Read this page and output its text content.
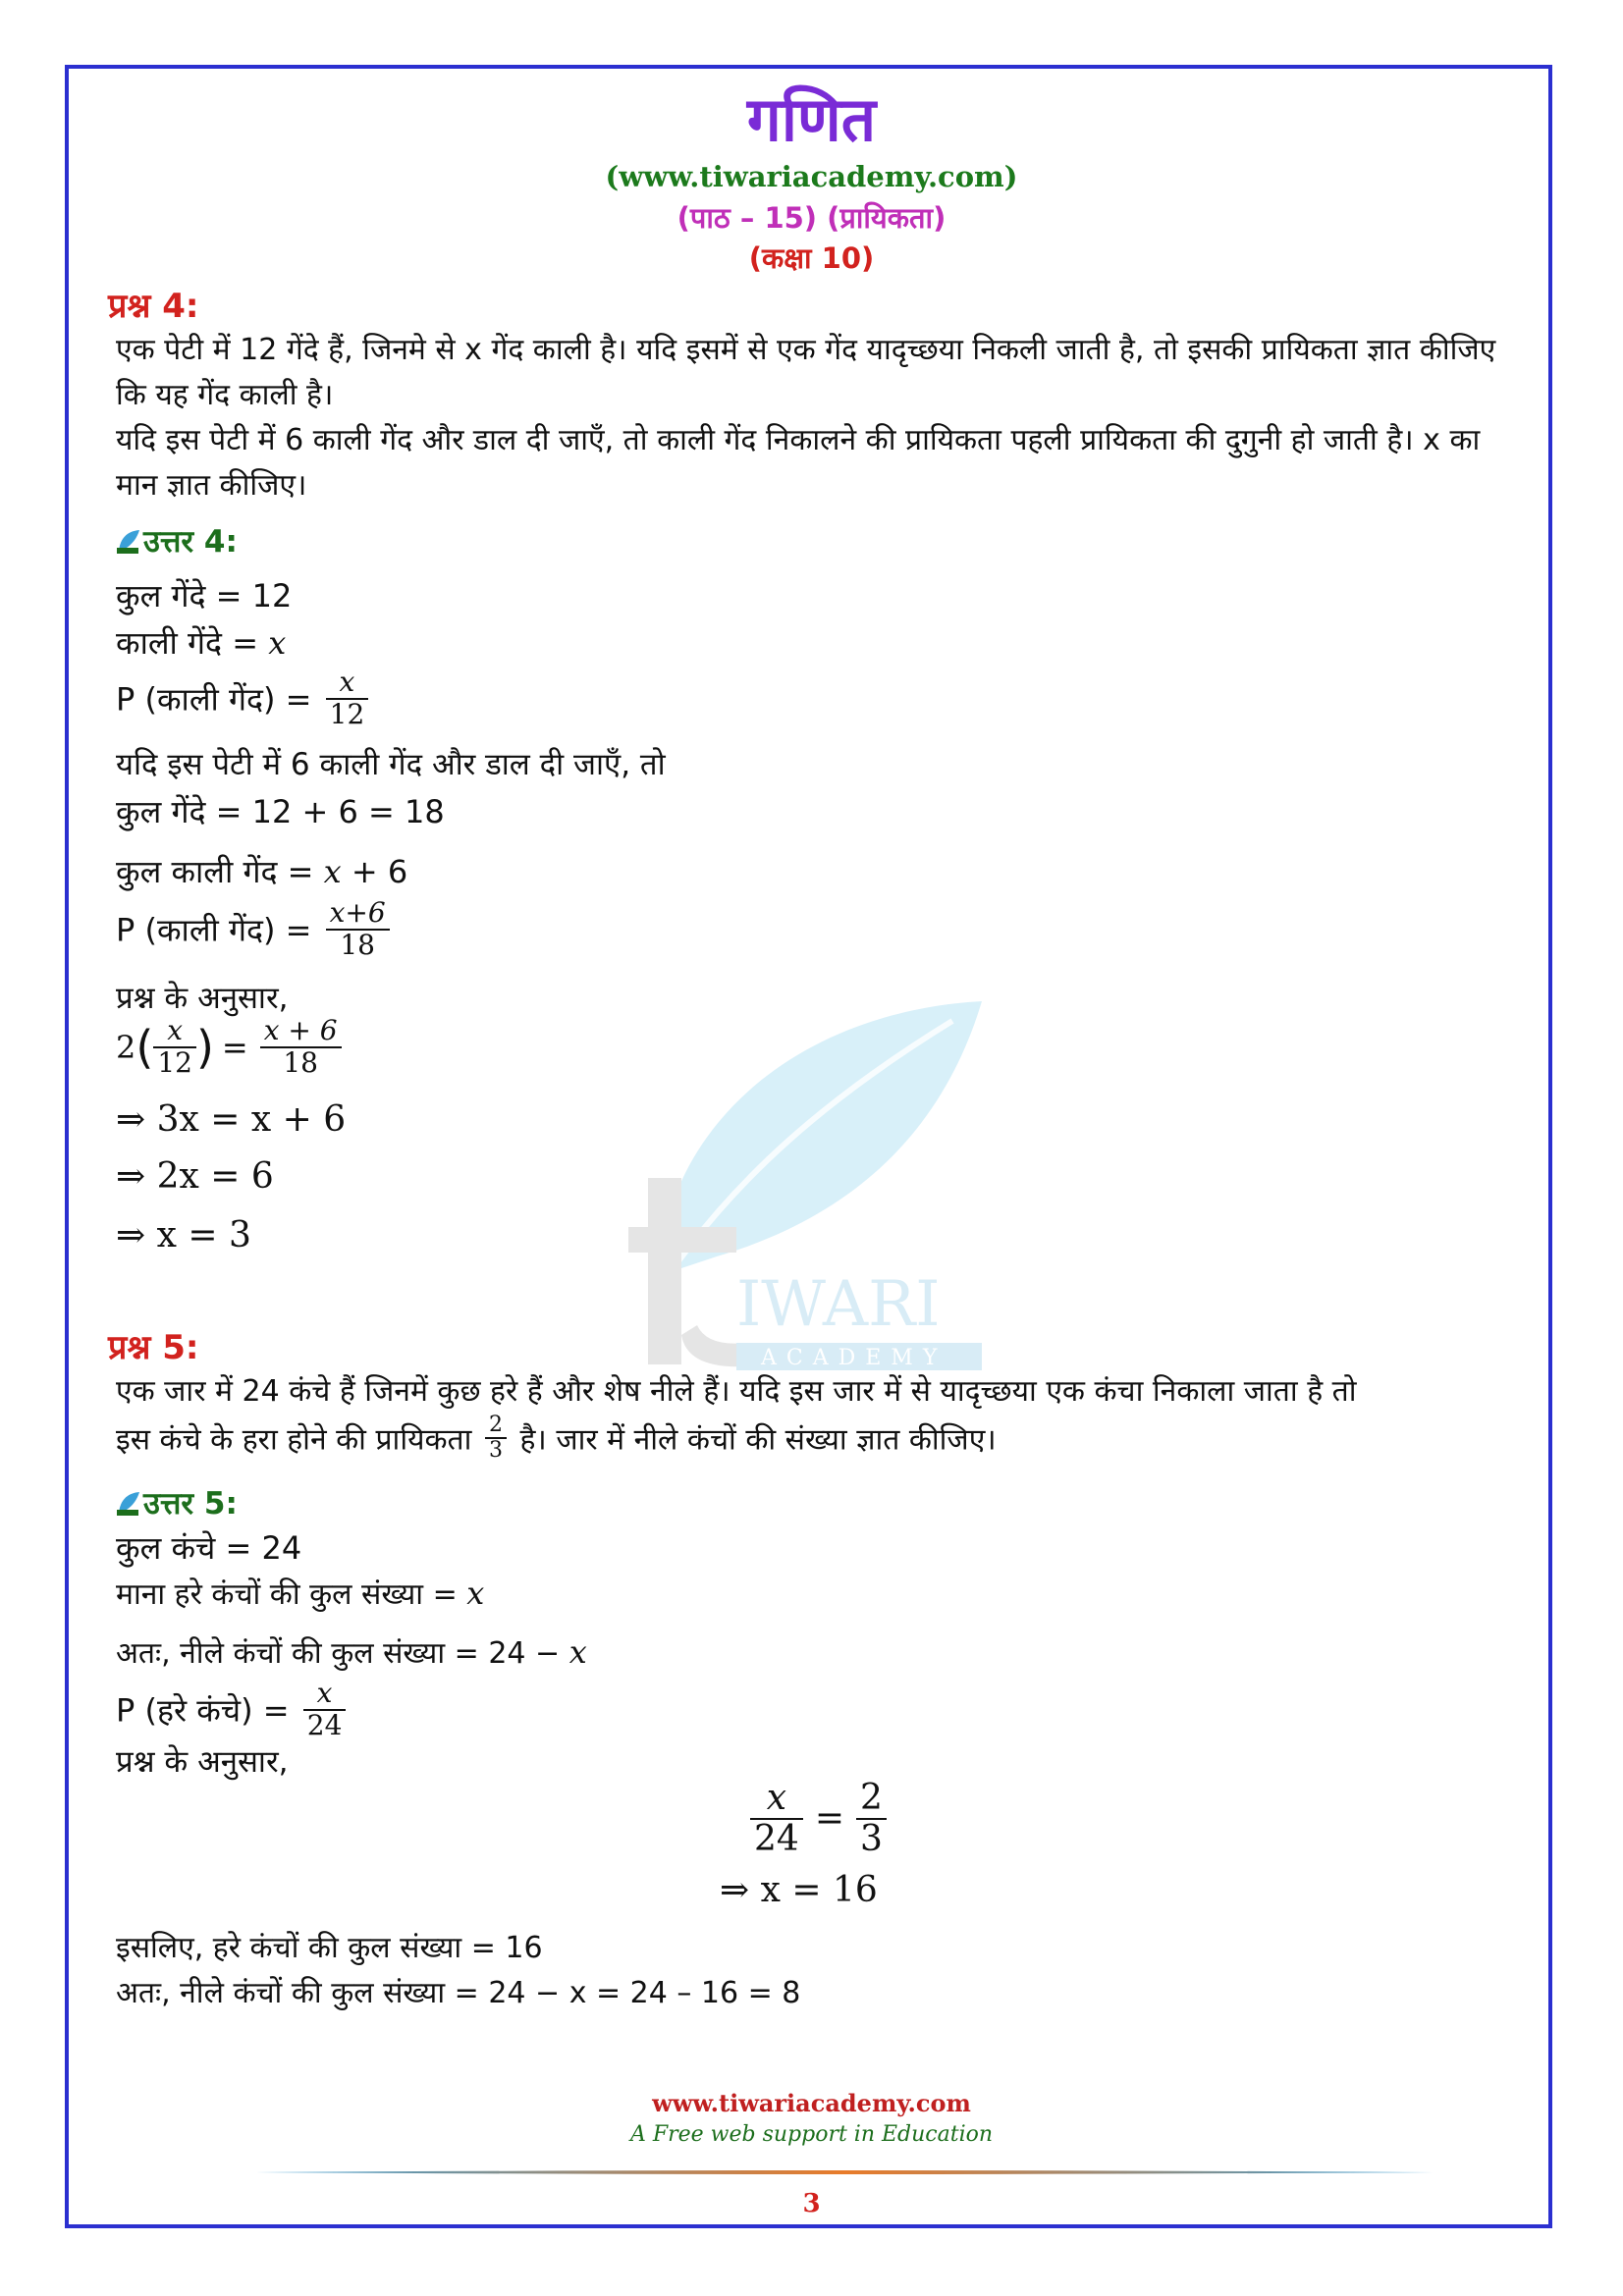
IWARI
ACADEMY
गणित
(www.tiwariacademy.com)
(पाठ – 15) (प्रायिकता)
(कक्षा 10)
प्रश्न 4:
एक पेटी में 12 गेंदे हैं, जिनमे से x गेंद काली है। यदि इसमें से एक गेंद यादृच्छया निकली जाती है, तो इसकी प्रायिकता ज्ञात कीजिए कि यह गेंद काली है।
यदि इस पेटी में 6 काली गेंद और डाल दी जाएँ, तो काली गेंद निकालने की प्रायिकता पहली प्रायिकता की दुगुनी हो जाती है। x का मान ज्ञात कीजिए।
उत्तर 4:
कुल गेंदे = 12
काली गेंदे = x
P (काली गेंद) = $\frac{x}{12}$
यदि इस पेटी में 6 काली गेंद और डाल दी जाएँ, तो
कुल गेंदे = 12 + 6 = 18
कुल काली गेंद = x + 6
P (काली गेंद) = $\frac{x+6}{18}$
प्रश्न के अनुसार,
$2( \frac{x}{12}$ ) = $\frac{x + 6}{18}$
⇒ 3x = x + 6
⇒ 2x = 6
⇒ x = 3
प्रश्न 5:
एक जार में 24 कंचे हैं जिनमें कुछ हरे हैं और शेष नीले हैं। यदि इस जार में से यादृच्छया एक कंचा निकाला जाता है तो
इस कंचे के हरा होने की प्रायिकता $\frac{2}{3}$ है। जार में नीले कंचों की संख्या ज्ञात कीजिए।
उत्तर 5:
कुल कंचे = 24
माना हरे कंचों की कुल संख्या = x
अतः, नीले कंचों की कुल संख्या = 24 − x
P (हरे कंचे) = $\frac{x}{24}$
प्रश्न के अनुसार,
$\frac{x}{24} = \frac{2}{3}$
⇒ x = 16
इसलिए, हरे कंचों की कुल संख्या = 16
अतः, नीले कंचों की कुल संख्या = 24 − x = 24 – 16 = 8
www.tiwariacademy.com
A Free web support in Education
3
